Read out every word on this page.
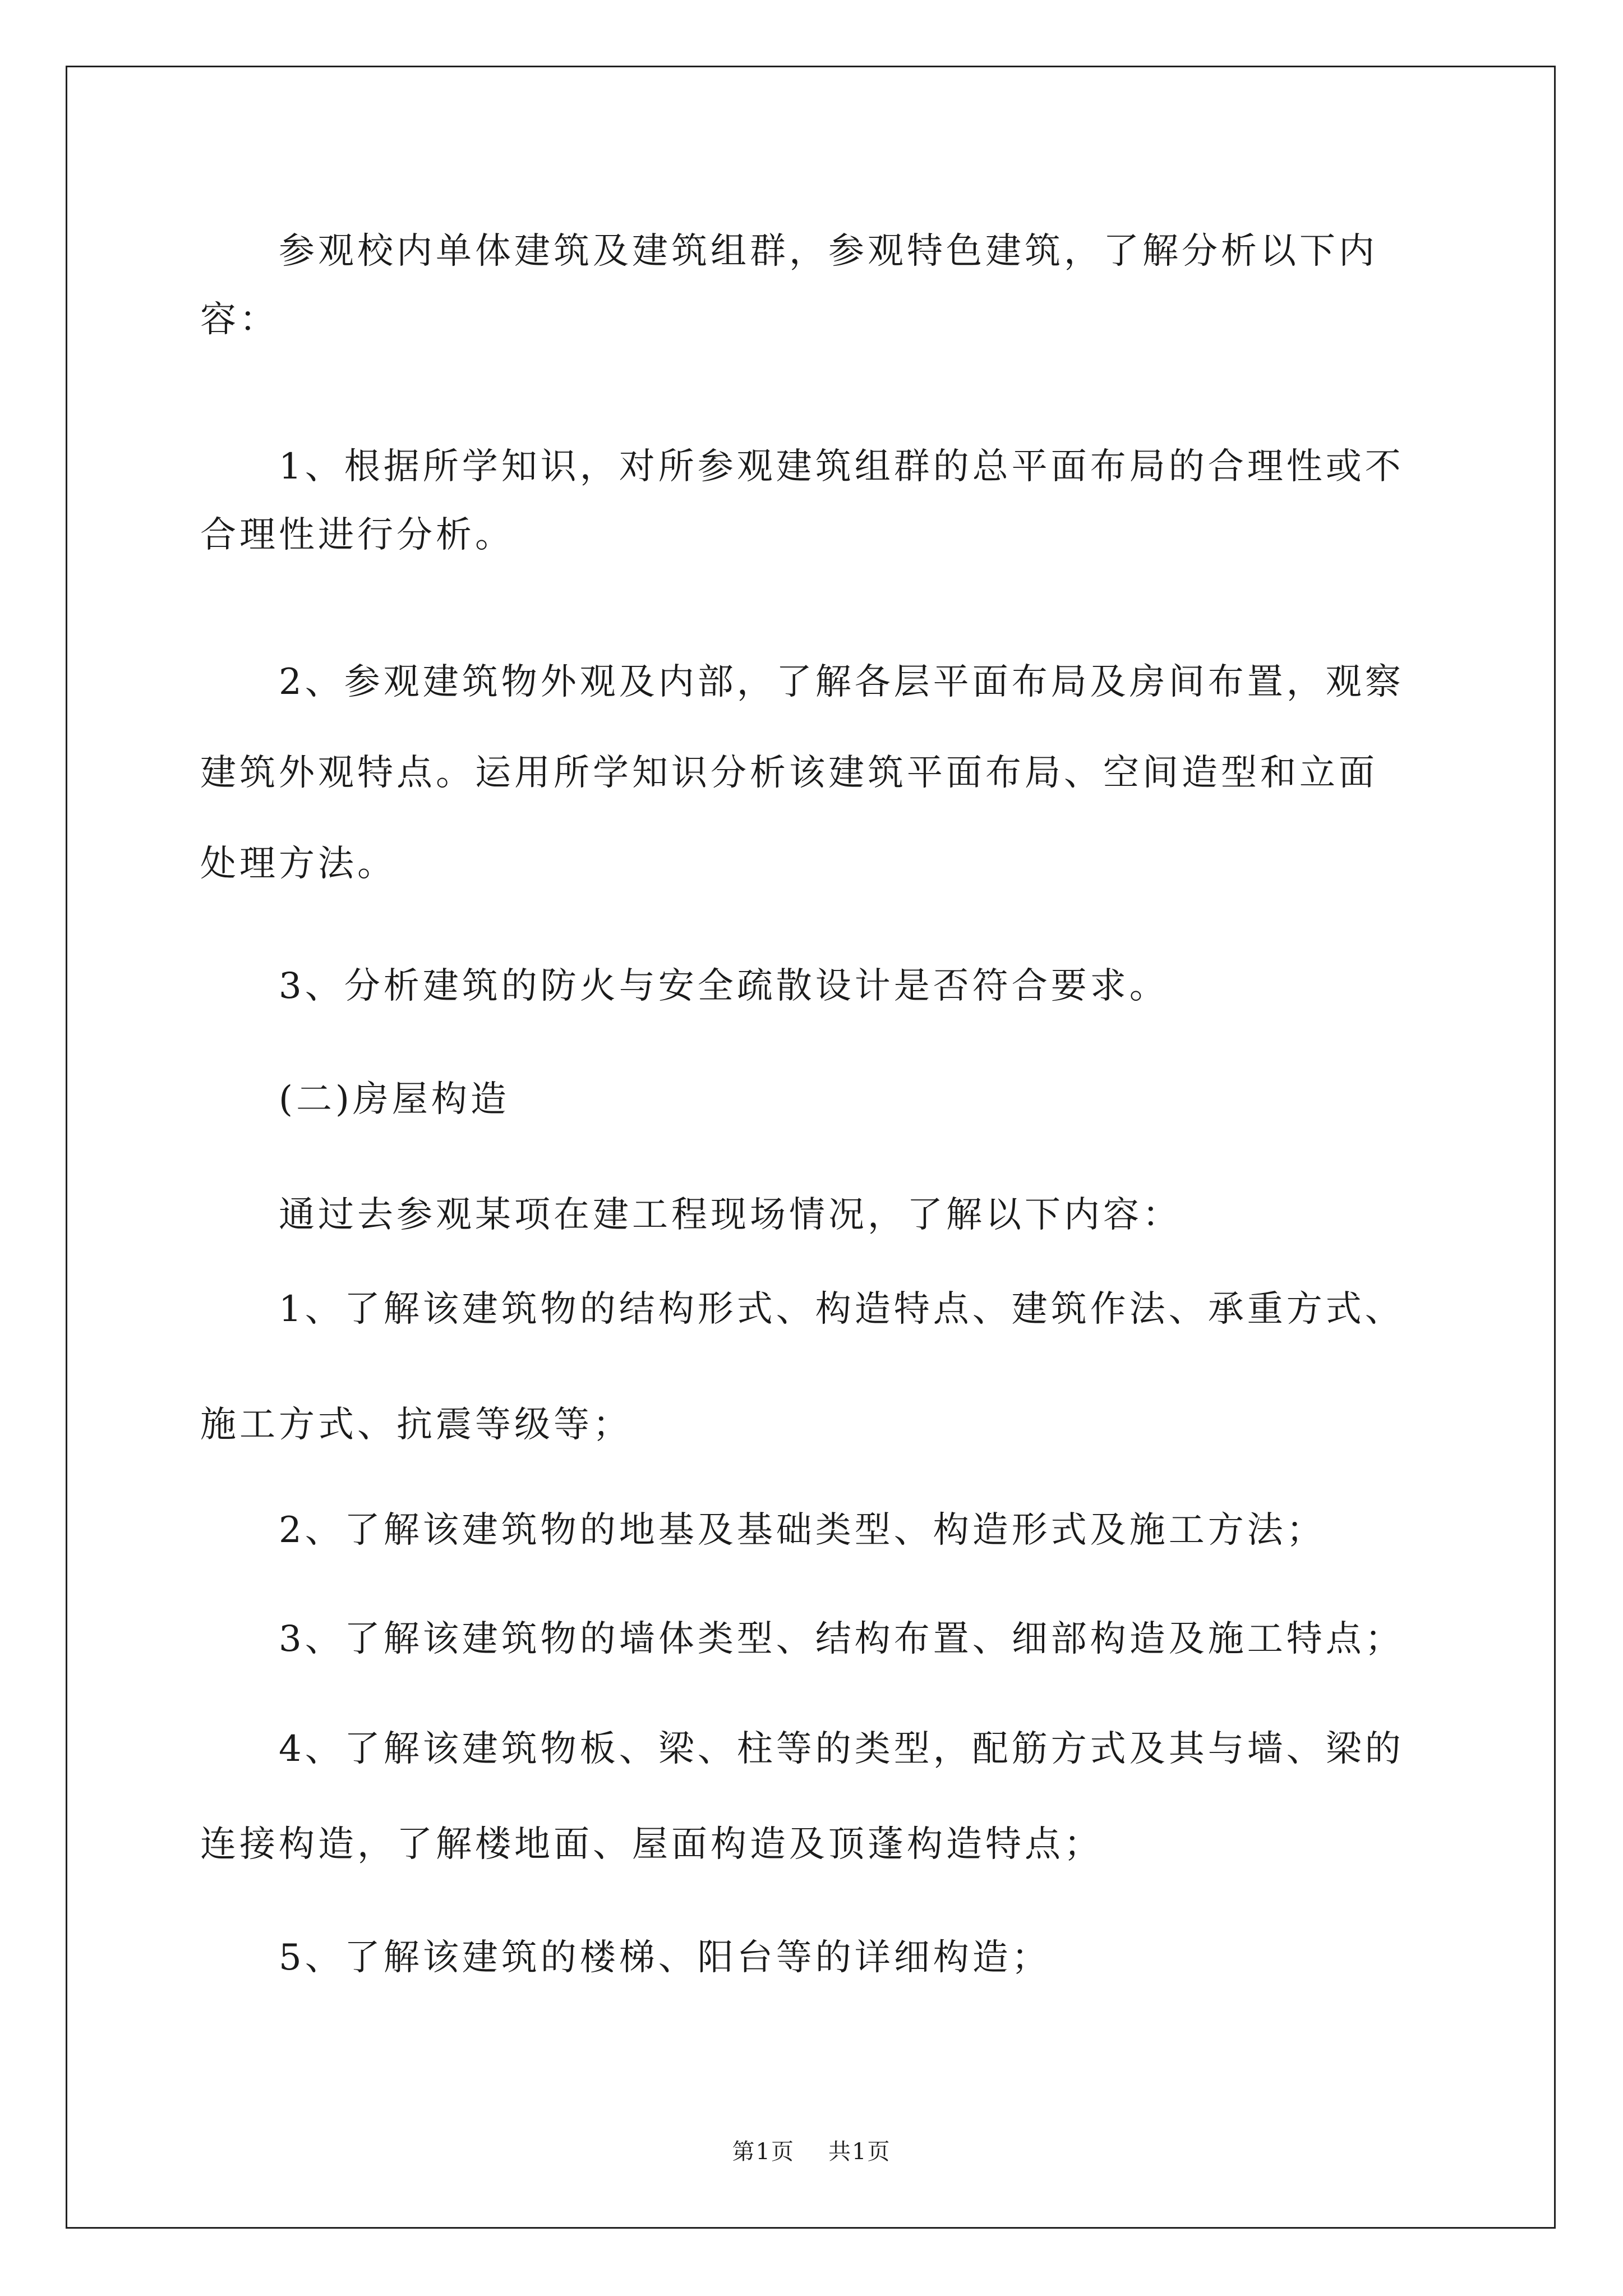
参观校内单体建筑及建筑组群，参观特色建筑，了解分析以下内
容：
1、根据所学知识，对所参观建筑组群的总平面布局的合理性或不
合理性进行分析。
2、参观建筑物外观及内部，了解各层平面布局及房间布置，观察
建筑外观特点。运用所学知识分析该建筑平面布局、空间造型和立面
处理方法。
3、分析建筑的防火与安全疏散设计是否符合要求。
(二)房屋构造
通过去参观某项在建工程现场情况，了解以下内容：
1、了解该建筑物的结构形式、构造特点、建筑作法、承重方式、
施工方式、抗震等级等；
2、了解该建筑物的地基及基础类型、构造形式及施工方法；
3、了解该建筑物的墙体类型、结构布置、细部构造及施工特点；
4、了解该建筑物板、梁、柱等的类型，配筋方式及其与墙、梁的
连接构造，了解楼地面、屋面构造及顶蓬构造特点；
5、了解该建筑的楼梯、阳台等的详细构造；
第1页 共1页
